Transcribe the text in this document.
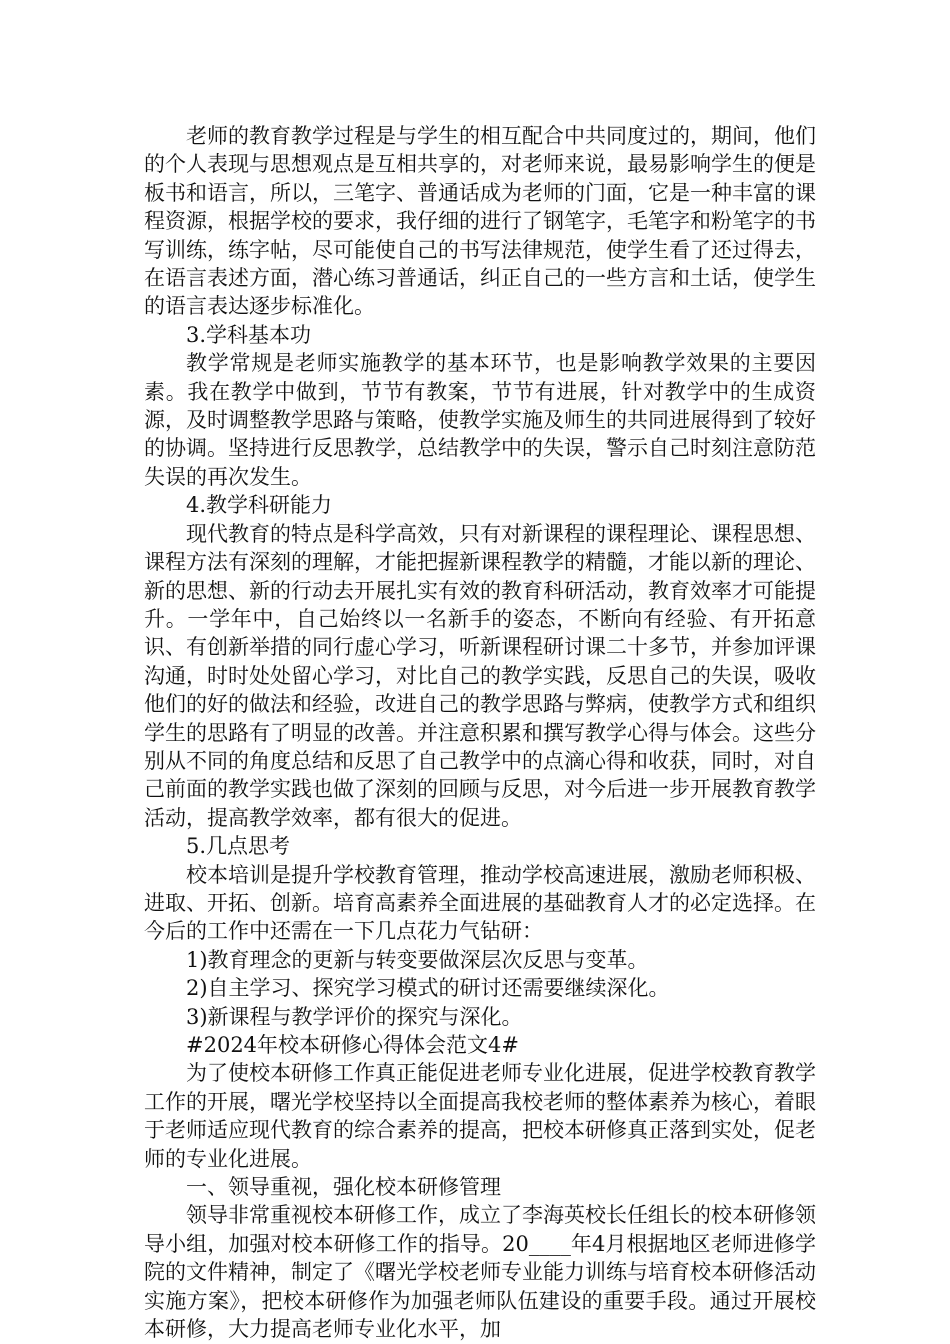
老师的教育教学过程是与学生的相互配合中共同度过的，期间，他们的个人表现与思想观点是互相共享的，对老师来说，最易影响学生的便是板书和语言，所以，三笔字、普通话成为老师的门面，它是一种丰富的课程资源，根据学校的要求，我仔细的进行了钢笔字，毛笔字和粉笔字的书写训练，练字帖，尽可能使自己的书写法律规范，使学生看了还过得去，在语言表述方面，潜心练习普通话，纠正自己的一些方言和土话，使学生的语言表达逐步标准化。

3.学科基本功

教学常规是老师实施教学的基本环节，也是影响教学效果的主要因素。我在教学中做到，节节有教案，节节有进展，针对教学中的生成资源，及时调整教学思路与策略，使教学实施及师生的共同进展得到了较好的协调。坚持进行反思教学，总结教学中的失误，警示自己时刻注意防范失误的再次发生。

4.教学科研能力

现代教育的特点是科学高效，只有对新课程的课程理论、课程思想、课程方法有深刻的理解，才能把握新课程教学的精髓，才能以新的理论、新的思想、新的行动去开展扎实有效的教育科研活动，教育效率才可能提升。一学年中，自己始终以一名新手的姿态，不断向有经验、有开拓意识、有创新举措的同行虚心学习，听新课程研讨课二十多节，并参加评课沟通，时时处处留心学习，对比自己的教学实践，反思自己的失误，吸收他们的好的做法和经验，改进自己的教学思路与弊病，使教学方式和组织学生的思路有了明显的改善。并注意积累和撰写教学心得与体会。这些分别从不同的角度总结和反思了自己教学中的点滴心得和收获，同时，对自己前面的教学实践也做了深刻的回顾与反思，对今后进一步开展教育教学活动，提高教学效率，都有很大的促进。

5.几点思考

校本培训是提升学校教育管理，推动学校高速进展，激励老师积极、进取、开拓、创新。培育高素养全面进展的基础教育人才的必定选择。在今后的工作中还需在一下几点花力气钻研：

1)教育理念的更新与转变要做深层次反思与变革。

2)自主学习、探究学习模式的研讨还需要继续深化。

3)新课程与教学评价的探究与深化。

#2024年校本研修心得体会范文4#

为了使校本研修工作真正能促进老师专业化进展，促进学校教育教学工作的开展，曙光学校坚持以全面提高我校老师的整体素养为核心，着眼于老师适应现代教育的综合素养的提高，把校本研修真正落到实处，促老师的专业化进展。

一、领导重视，强化校本研修管理

领导非常重视校本研修工作，成立了李海英校长任组长的校本研修领导小组，加强对校本研修工作的指导。20____年4月根据地区老师进修学院的文件精神，制定了《曙光学校老师专业能力训练与培育校本研修活动实施方案》，把校本研修作为加强老师队伍建设的重要手段。通过开展校本研修，大力提高老师专业化水平，加
